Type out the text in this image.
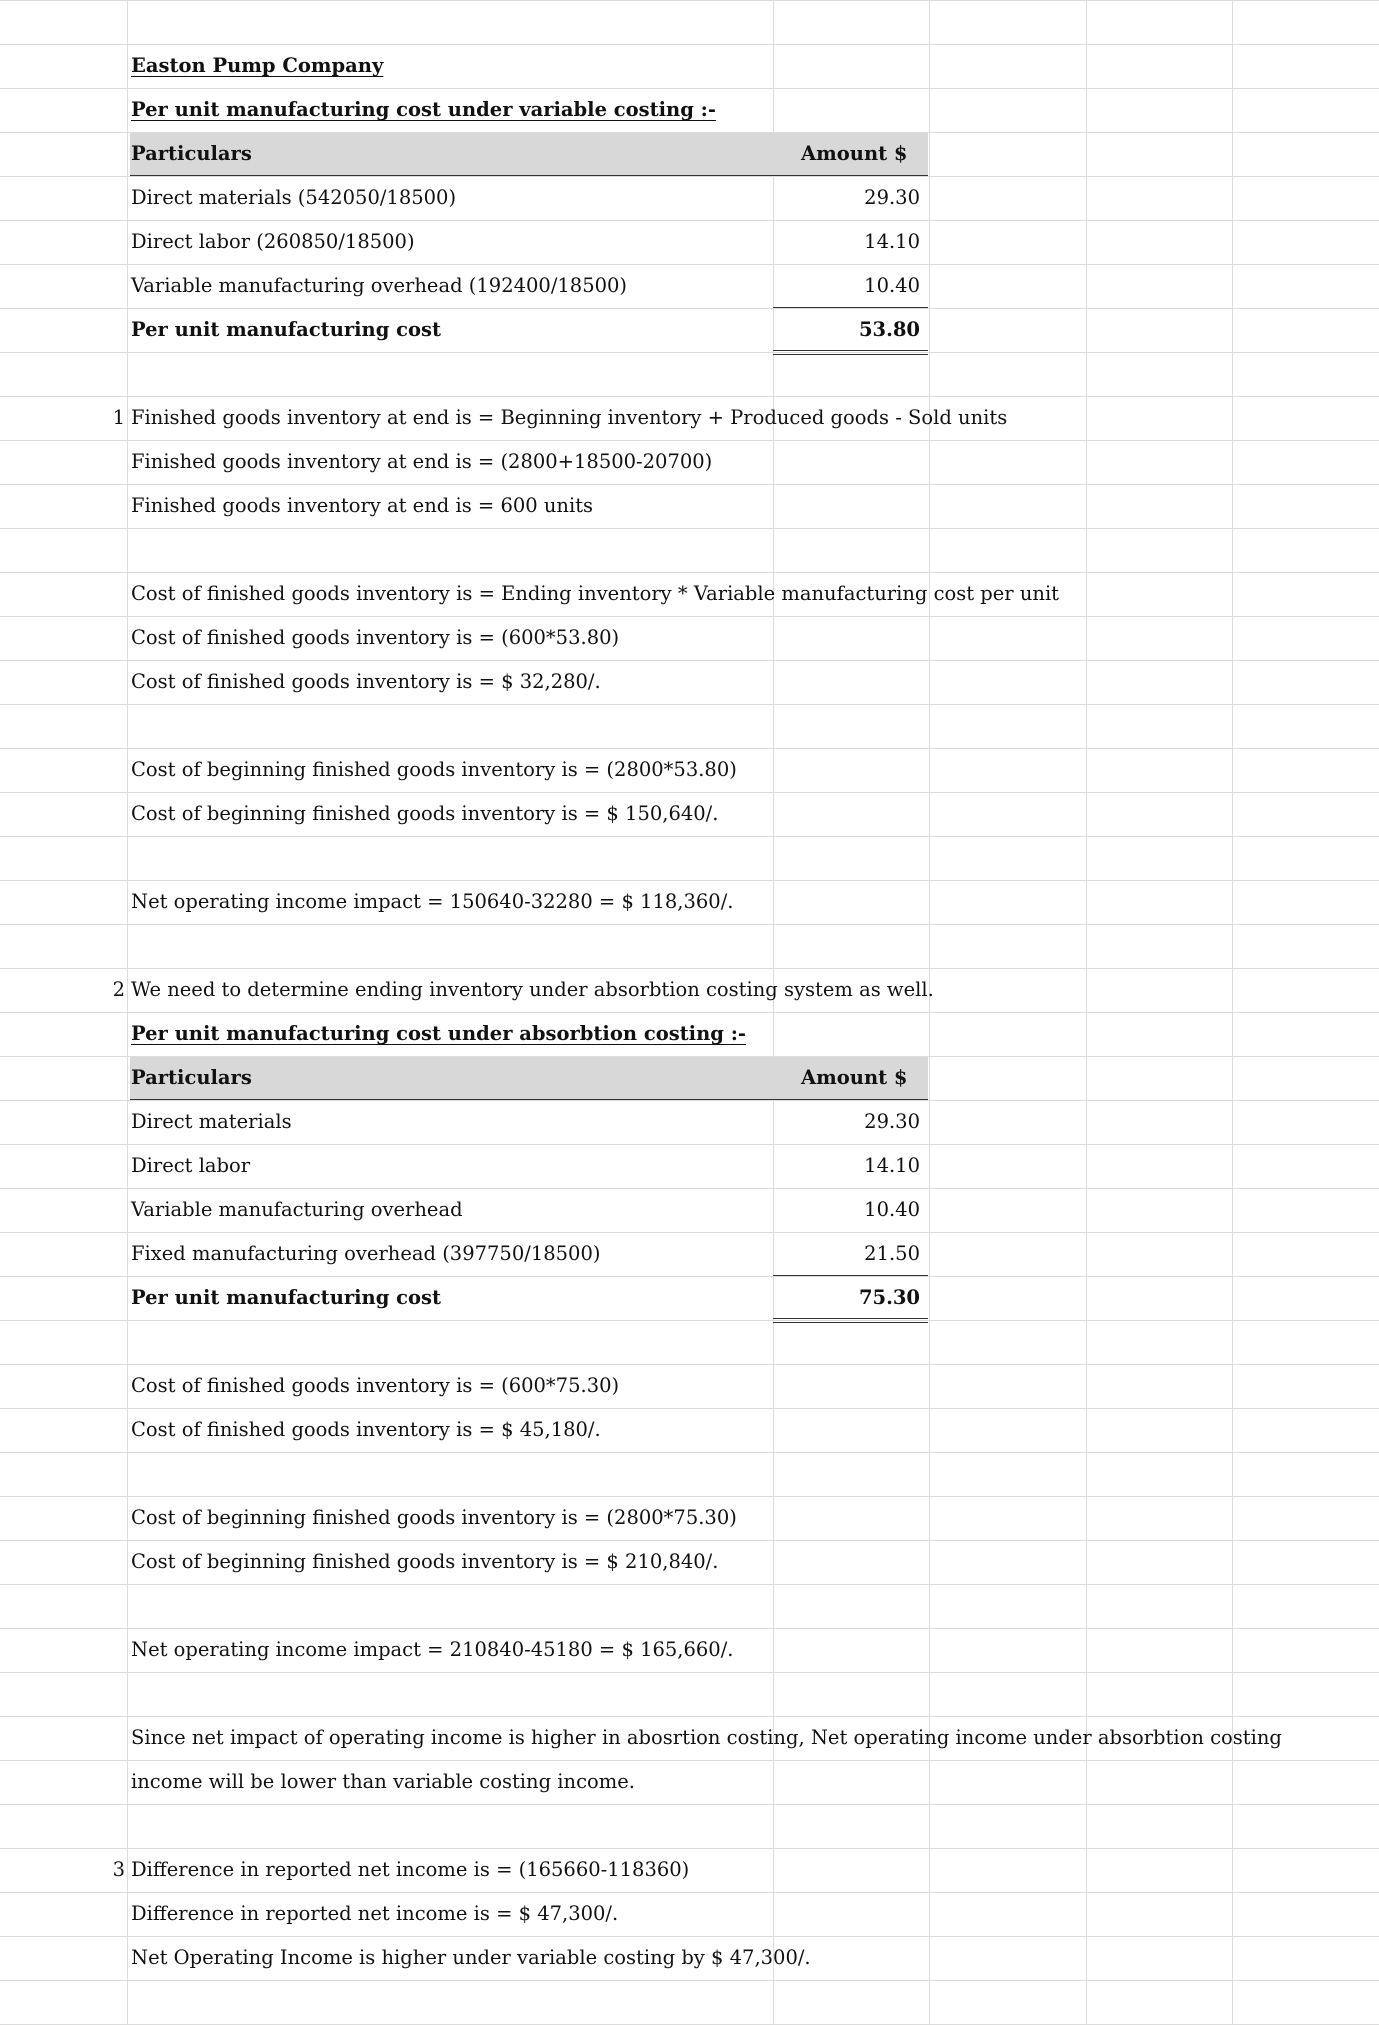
Easton Pump Company
Per unit manufacturing cost under variable costing :-
Particulars	Amount $
Direct materials (542050/18500)	29.30
Direct labor (260850/18500)	14.10
Variable manufacturing overhead (192400/18500)	10.40
Per unit manufacturing cost	53.80
1 Finished goods inventory at end is = Beginning inventory + Produced goods - Sold units
Finished goods inventory at end is = (2800+18500-20700)
Finished goods inventory at end is = 600 units
Cost of finished goods inventory is = Ending inventory * Variable manufacturing cost per unit
Cost of finished goods inventory is = (600*53.80)
Cost of finished goods inventory is = $ 32,280/.
Cost of beginning finished goods inventory is = (2800*53.80)
Cost of beginning finished goods inventory is = $ 150,640/.
Net operating income impact = 150640-32280 = $ 118,360/.
2 We need to determine ending inventory under absorbtion costing system as well.
Per unit manufacturing cost under absorbtion costing :-
Particulars	Amount $
Direct materials	29.30
Direct labor	14.10
Variable manufacturing overhead	10.40
Fixed manufacturing overhead (397750/18500)	21.50
Per unit manufacturing cost	75.30
Cost of finished goods inventory is = (600*75.30)
Cost of finished goods inventory is = $ 45,180/.
Cost of beginning finished goods inventory is = (2800*75.30)
Cost of beginning finished goods inventory is = $ 210,840/.
Net operating income impact = 210840-45180 = $ 165,660/.
Since net impact of operating income is higher in abosrtion costing, Net operating income under absorbtion costing
income will be lower than variable costing income.
3 Difference in reported net income is = (165660-118360)
Difference in reported net income is = $ 47,300/.
Net Operating Income is higher under variable costing by $ 47,300/.
